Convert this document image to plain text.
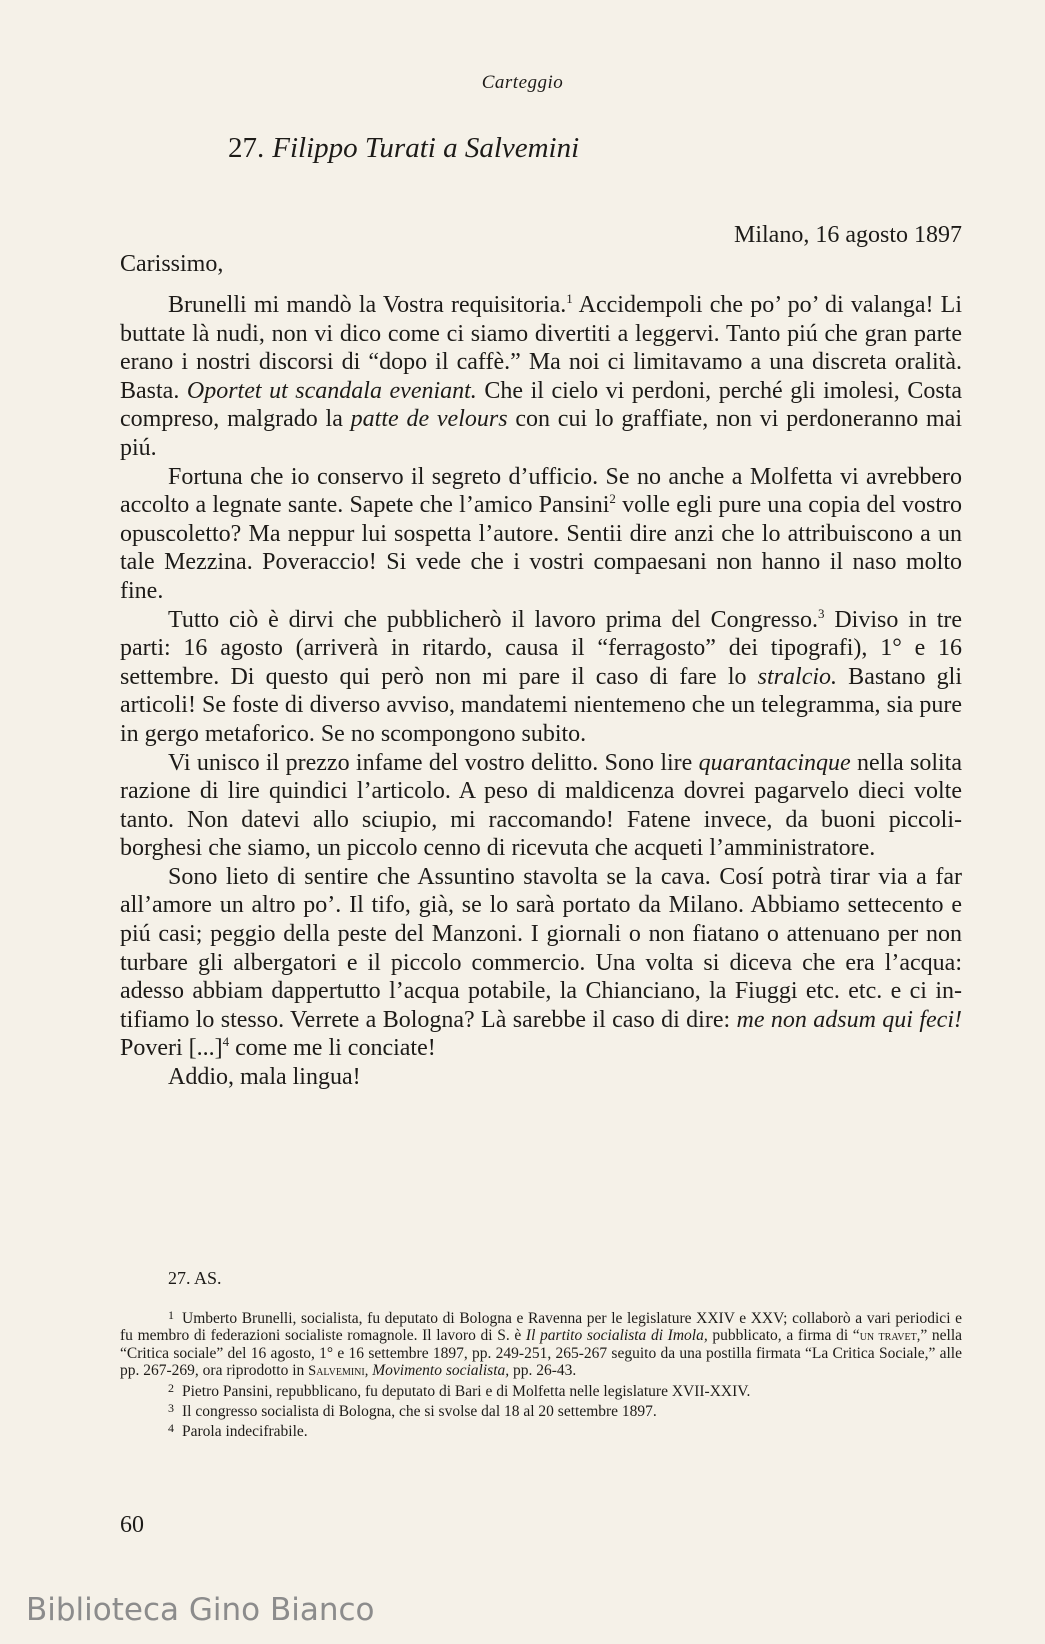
Carteggio
27. Filippo Turati a Salvemini
Milano, 16 agosto 1897
Carissimo,

Brunelli mi mandò la Vostra requisitoria.$^1$ Accidempoli che po’ po’ di valanga! Li buttate là nudi, non vi dico come ci siamo divertiti a leggervi. Tanto piú che gran parte erano i nostri discorsi di “dopo il caffè.” Ma noi ci limitavamo a una discreta oralità. Basta. Oportet ut scandala eveniant. Che il cielo vi perdoni, perché gli imolesi, Costa compreso, malgrado la patte de velours con cui lo graffiate, non vi perdoneranno mai piú.

Fortuna che io conservo il segreto d’ufficio. Se no anche a Molfetta vi avrebbero accolto a legnate sante. Sapete che l’amico Pansini$^2$ volle egli pure una copia del vostro opuscoletto? Ma neppur lui sospetta l’autore. Sentii dire anzi che lo attribuiscono a un tale Mezzina. Poveraccio! Si vede che i vostri compaesani non hanno il naso molto fine.

Tutto ciò è dirvi che pubblicherò il lavoro prima del Congresso.$^3$ Diviso in tre parti: 16 agosto (arriverà in ritardo, causa il “ferragosto” dei tipografi), 1° e 16 settembre. Di questo qui però non mi pare il caso di fare lo stralcio. Bastano gli articoli! Se foste di diverso avviso, mandatemi nientemeno che un telegramma, sia pure in gergo metaforico. Se no scompongono subito.

Vi unisco il prezzo infame del vostro delitto. Sono lire quarantacinque nella solita razione di lire quindici l’articolo. A peso di maldicenza dovrei pagarvelo dieci volte tanto. Non datevi allo sciupio, mi raccomando! Fatene invece, da buoni piccoli-borghesi che siamo, un piccolo cenno di ricevuta che acqueti l’amministratore.

Sono lieto di sentire che Assuntino stavolta se la cava. Cosí potrà tirar via a far all’amore un altro po’. Il tifo, già, se lo sarà portato da Milano. Abbiamo settecento e piú casi; peggio della peste del Manzoni. I giornali o non fiatano o attenuano per non turbare gli albergatori e il piccolo commercio. Una volta si diceva che era l’acqua: adesso abbiam dappertutto l’acqua potabile, la Chianciano, la Fiuggi etc. etc. e ci intifiamo lo stesso. Verrete a Bologna? Là sarebbe il caso di dire: me non adsum qui feci! Poveri [...]$^4$ come me li conciate!

Addio, mala lingua!

27. AS.

$^1$ Umberto Brunelli, socialista, fu deputato di Bologna e Ravenna per le legislature XXIV e XXV; collaborò a vari periodici e fu membro di federazioni socialiste romagnole. Il lavoro di S. è Il partito socialista di Imola, pubblicato, a firma di “un travet,” nella “Critica sociale” del 16 agosto, 1° e 16 settembre 1897, pp. 249-251, 265-267 seguito da una postilla firmata “La Critica Sociale,” alle pp. 267-269, ora riprodotto in Salvemini, Movimento socialista, pp. 26-43.

$^2$ Pietro Pansini, repubblicano, fu deputato di Bari e di Molfetta nelle legislature XVII-XXIV.

$^3$ Il congresso socialista di Bologna, che si svolse dal 18 al 20 settembre 1897.

$^4$ Parola indecifrabile.

60
Biblioteca Gino Bianco
